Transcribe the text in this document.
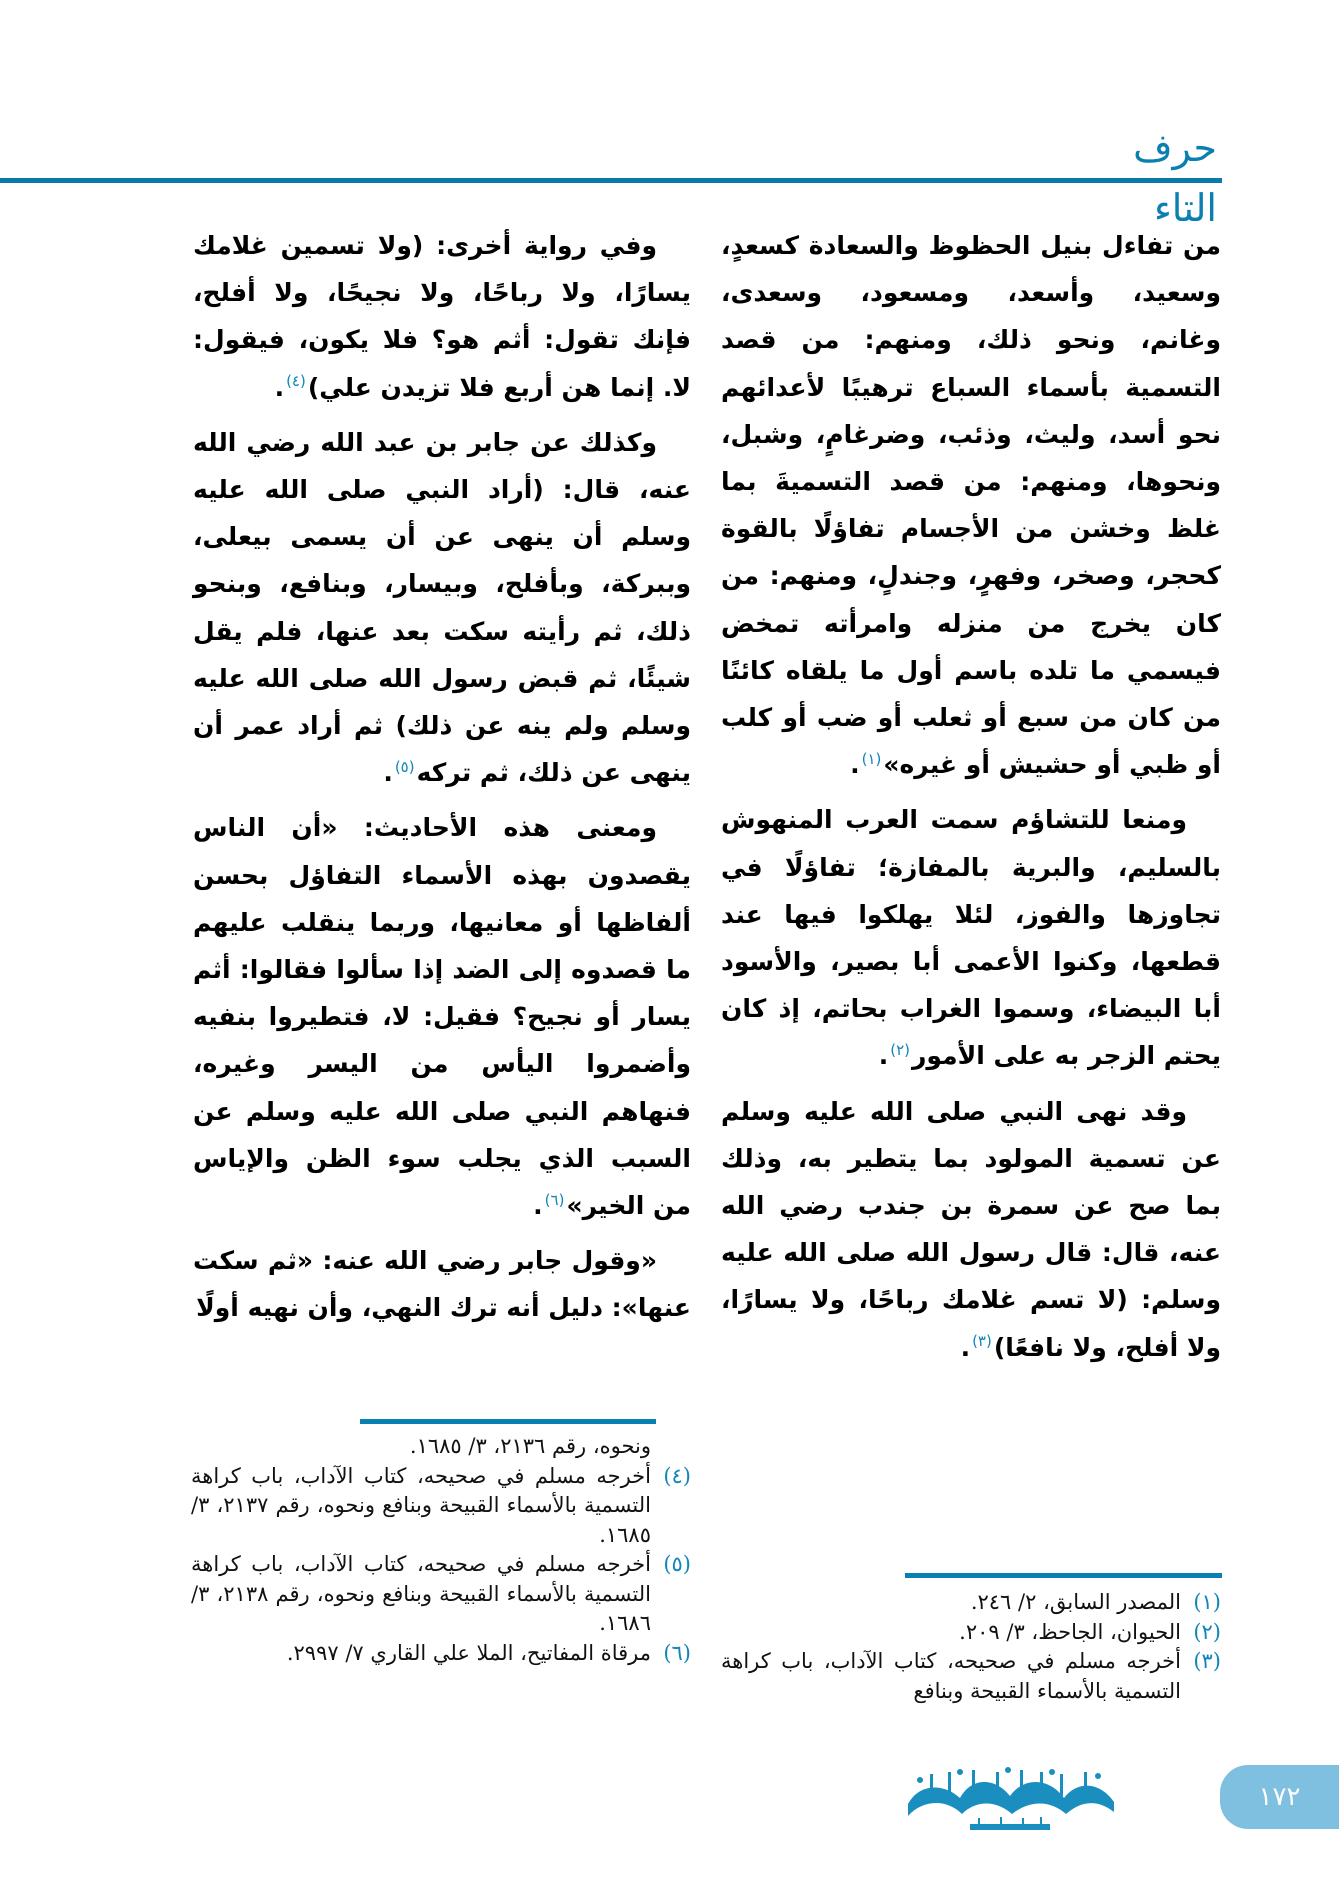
حرف التاء

من تفاءل بنيل الحظوظ والسعادة كسعدٍ، وسعيد، وأسعد، ومسعود، وسعدى، وغانم، ونحو ذلك، ومنهم: من قصد التسمية بأسماء السباع ترهيبًا لأعدائهم نحو أسد، وليث، وذئب، وضرغامٍ، وشبل، ونحوها، ومنهم: من قصد التسميةَ بما غلظ وخشن من الأجسام تفاؤلًا بالقوة كحجر، وصخر، وفهرٍ، وجندلٍ، ومنهم: من كان يخرج من منزله وامرأته تمخض فيسمي ما تلده باسم أول ما يلقاه كائنًا من كان من سبع أو ثعلب أو ضب أو كلب أو ظبي أو حشيش أو غيره»$^{(١)}$.

ومنعا للتشاؤم سمت العرب المنهوش بالسليم، والبرية بالمفازة؛ تفاؤلًا في تجاوزها والفوز، لئلا يهلكوا فيها عند قطعها، وكنوا الأعمى أبا بصير، والأسود أبا البيضاء، وسموا الغراب بحاتم، إذ كان يحتم الزجر به على الأمور$^{(٢)}$.

وقد نهى النبي صلى الله عليه وسلم عن تسمية المولود بما يتطير به، وذلك بما صح عن سمرة بن جندب رضي الله عنه، قال: قال رسول الله صلى الله عليه وسلم: (لا تسم غلامك رباحًا، ولا يسارًا، ولا أفلح، ولا نافعًا)$^{(٣)}$.

(١)
المصدر السابق، ٢/ ٢٤٦.
(٢)
الحيوان، الجاحظ، ٣/ ٢٠٩.
(٣)
أخرجه مسلم في صحيحه، كتاب الآداب، باب كراهة التسمية بالأسماء القبيحة وبنافع

وفي رواية أخرى: (ولا تسمين غلامك يسارًا، ولا رباحًا، ولا نجيحًا، ولا أفلح، فإنك تقول: أثم هو؟ فلا يكون، فيقول: لا. إنما هن أربع فلا تزيدن علي)$^{(٤)}$.

وكذلك عن جابر بن عبد الله رضي الله عنه، قال: (أراد النبي صلى الله عليه وسلم أن ينهى عن أن يسمى بيعلى، وببركة، وبأفلح، وبيسار، وبنافع، وبنحو ذلك، ثم رأيته سكت بعد عنها، فلم يقل شيئًا، ثم قبض رسول الله صلى الله عليه وسلم ولم ينه عن ذلك) ثم أراد عمر أن ينهى عن ذلك، ثم تركه$^{(٥)}$.

ومعنى هذه الأحاديث: «أن الناس يقصدون بهذه الأسماء التفاؤل بحسن ألفاظها أو معانيها، وربما ينقلب عليهم ما قصدوه إلى الضد إذا سألوا فقالوا: أثم يسار أو نجيح؟ فقيل: لا، فتطيروا بنفيه وأضمروا اليأس من اليسر وغيره، فنهاهم النبي صلى الله عليه وسلم عن السبب الذي يجلب سوء الظن والإياس من الخير»$^{(٦)}$.

«وقول جابر رضي الله عنه: «ثم سكت عنها»: دليل أنه ترك النهي، وأن نهيه أولًا

ونحوه، رقم ٢١٣٦، ٣/ ١٦٨٥.
(٤)
أخرجه مسلم في صحيحه، كتاب الآداب، باب كراهة التسمية بالأسماء القبيحة وبنافع ونحوه، رقم ٢١٣٧، ٣/ ١٦٨٥.
(٥)
أخرجه مسلم في صحيحه، كتاب الآداب، باب كراهة التسمية بالأسماء القبيحة وبنافع ونحوه، رقم ٢١٣٨، ٣/ ١٦٨٦.
(٦)
مرقاة المفاتيح، الملا علي القاري ٧/ ٢٩٩٧.
١٧٢
